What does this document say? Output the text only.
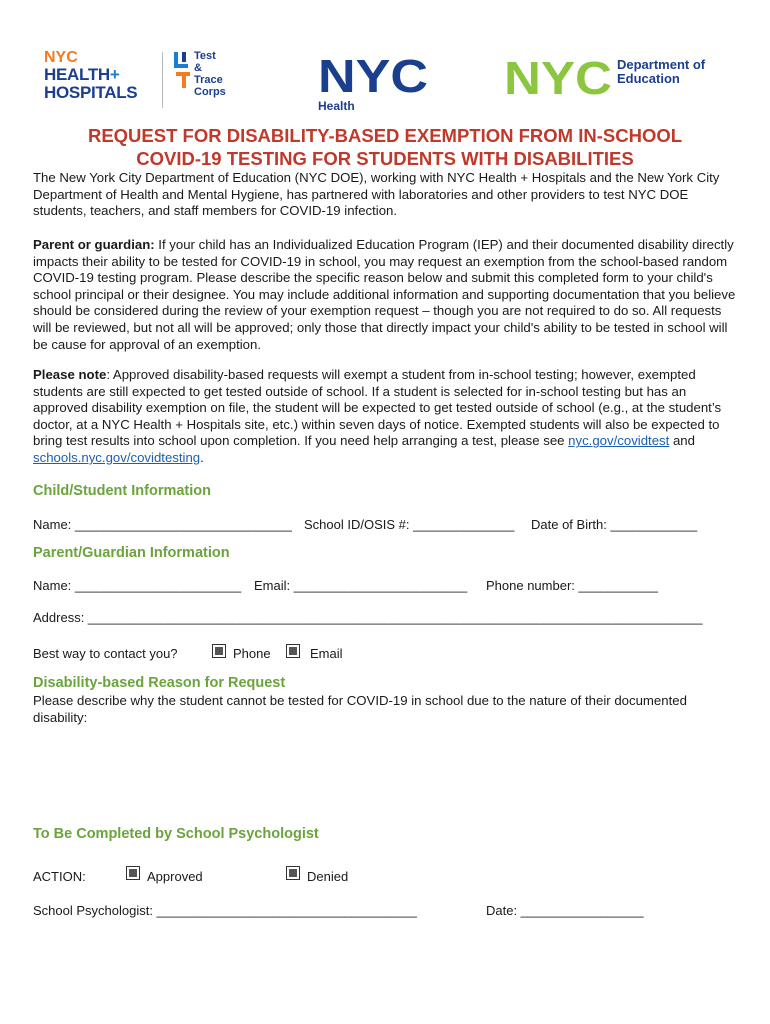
NYC
HEALTH+
HOSPITALS
Test &
Trace
Corps NYC
Health
NYC Department of
Education
REQUEST FOR DISABILITY-BASED EXEMPTION FROM IN-SCHOOL
COVID-19 TESTING FOR STUDENTS WITH DISABILITIES

The New York City Department of Education (NYC DOE), working with NYC Health + Hospitals and the New York City Department of Health and Mental Hygiene, has partnered with laboratories and other providers to test NYC DOE students, teachers, and staff members for COVID-19 infection.

Parent or guardian: If your child has an Individualized Education Program (IEP) and their documented disability directly impacts their ability to be tested for COVID-19 in school, you may request an exemption from the school-based random COVID-19 testing program. Please describe the specific reason below and submit this completed form to your child's school principal or their designee. You may include additional information and supporting documentation that you believe should be considered during the review of your exemption request – though you are not required to do so. All requests will be reviewed, but not all will be approved; only those that directly impact your child's ability to be tested in school will be cause for approval of an exemption.

Please note: Approved disability-based requests will exempt a student from in-school testing; however, exempted students are still expected to get tested outside of school. If a student is selected for in-school testing but has an approved disability exemption on file, the student will be expected to get tested outside of school (e.g., at the student’s doctor, at a NYC Health + Hospitals site, etc.) within seven days of notice. Exempted students will also be expected to bring test results into school upon completion. If you need help arranging a test, please see nyc.gov/covidtest and schools.nyc.gov/covidtesting.

Child/Student Information
Name: ______________________________ School ID/OSIS #: ______________ Date of Birth: ____________
Parent/Guardian Information
Name: _______________________ Email: ________________________ Phone number: ___________
Address: _____________________________________________________________________________________
Best way to contact you?	Phone	Email
Disability-based Reason for Request

Please describe why the student cannot be tested for COVID-19 in school due to the nature of their documented disability:

To Be Completed by School Psychologist
ACTION:	Approved	Denied
School Psychologist: ____________________________________	Date: _________________
